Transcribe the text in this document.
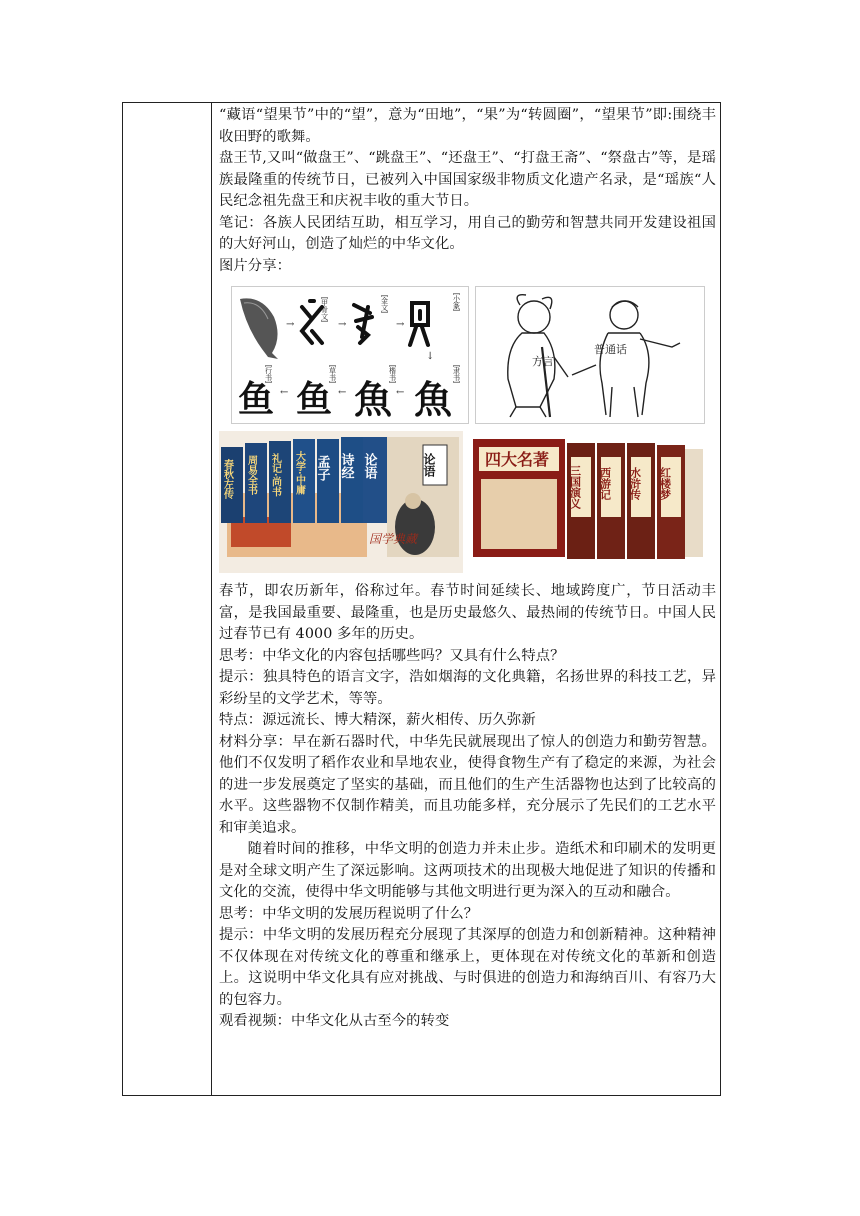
“藏语“望果节”中的“望”，意为“田地”，“果”为“转圆圈”，“望果节”即:围绕丰收田野的歌舞。

盘王节,又叫“做盘王”、“跳盘王”、“还盘王”、“打盘王斋”、“祭盘古”等，是瑶族最隆重的传统节日，已被列入中国国家级非物质文化遗产名录，是“瑶族“人民纪念祖先盘王和庆祝丰收的重大节日。

笔记：各族人民团结互助，相互学习，用自己的勤劳和智慧共同开发建设祖国的大好河山，创造了灿烂的中华文化。

图片分享：

→	→	→
←	←	←
↓
[甲骨文]	[金文]	[小篆]
[行书]	[草书]	[楷书]	[隶书]
鱼 鱼 魚 魚
方言
普通话
春秋左传 周易全书 礼记·尚书 大学·中庸 孟子 诗经 论语	论语
国学典藏
四大名著
三国演义 西游记 水浒传 红楼梦

春节，即农历新年，俗称过年。春节时间延续长、地域跨度广，节日活动丰富，是我国最重要、最隆重，也是历史最悠久、最热闹的传统节日。中国人民过春节已有 4000 多年的历史。

思考：中华文化的内容包括哪些吗？又具有什么特点？

提示：独具特色的语言文字，浩如烟海的文化典籍，名扬世界的科技工艺，异彩纷呈的文学艺术，等等。

特点：源远流长、博大精深，薪火相传、历久弥新

材料分享：早在新石器时代，中华先民就展现出了惊人的创造力和勤劳智慧。他们不仅发明了稻作农业和旱地农业，使得食物生产有了稳定的来源，为社会的进一步发展奠定了坚实的基础，而且他们的生产生活器物也达到了比较高的水平。这些器物不仅制作精美，而且功能多样，充分展示了先民们的工艺水平和审美追求。

随着时间的推移，中华文明的创造力并未止步。造纸术和印刷术的发明更是对全球文明产生了深远影响。这两项技术的出现极大地促进了知识的传播和文化的交流，使得中华文明能够与其他文明进行更为深入的互动和融合。

思考：中华文明的发展历程说明了什么？

提示：中华文明的发展历程充分展现了其深厚的创造力和创新精神。这种精神不仅体现在对传统文化的尊重和继承上，更体现在对传统文化的革新和创造上。这说明中华文化具有应对挑战、与时俱进的创造力和海纳百川、有容乃大的包容力。

观看视频：中华文化从古至今的转变
